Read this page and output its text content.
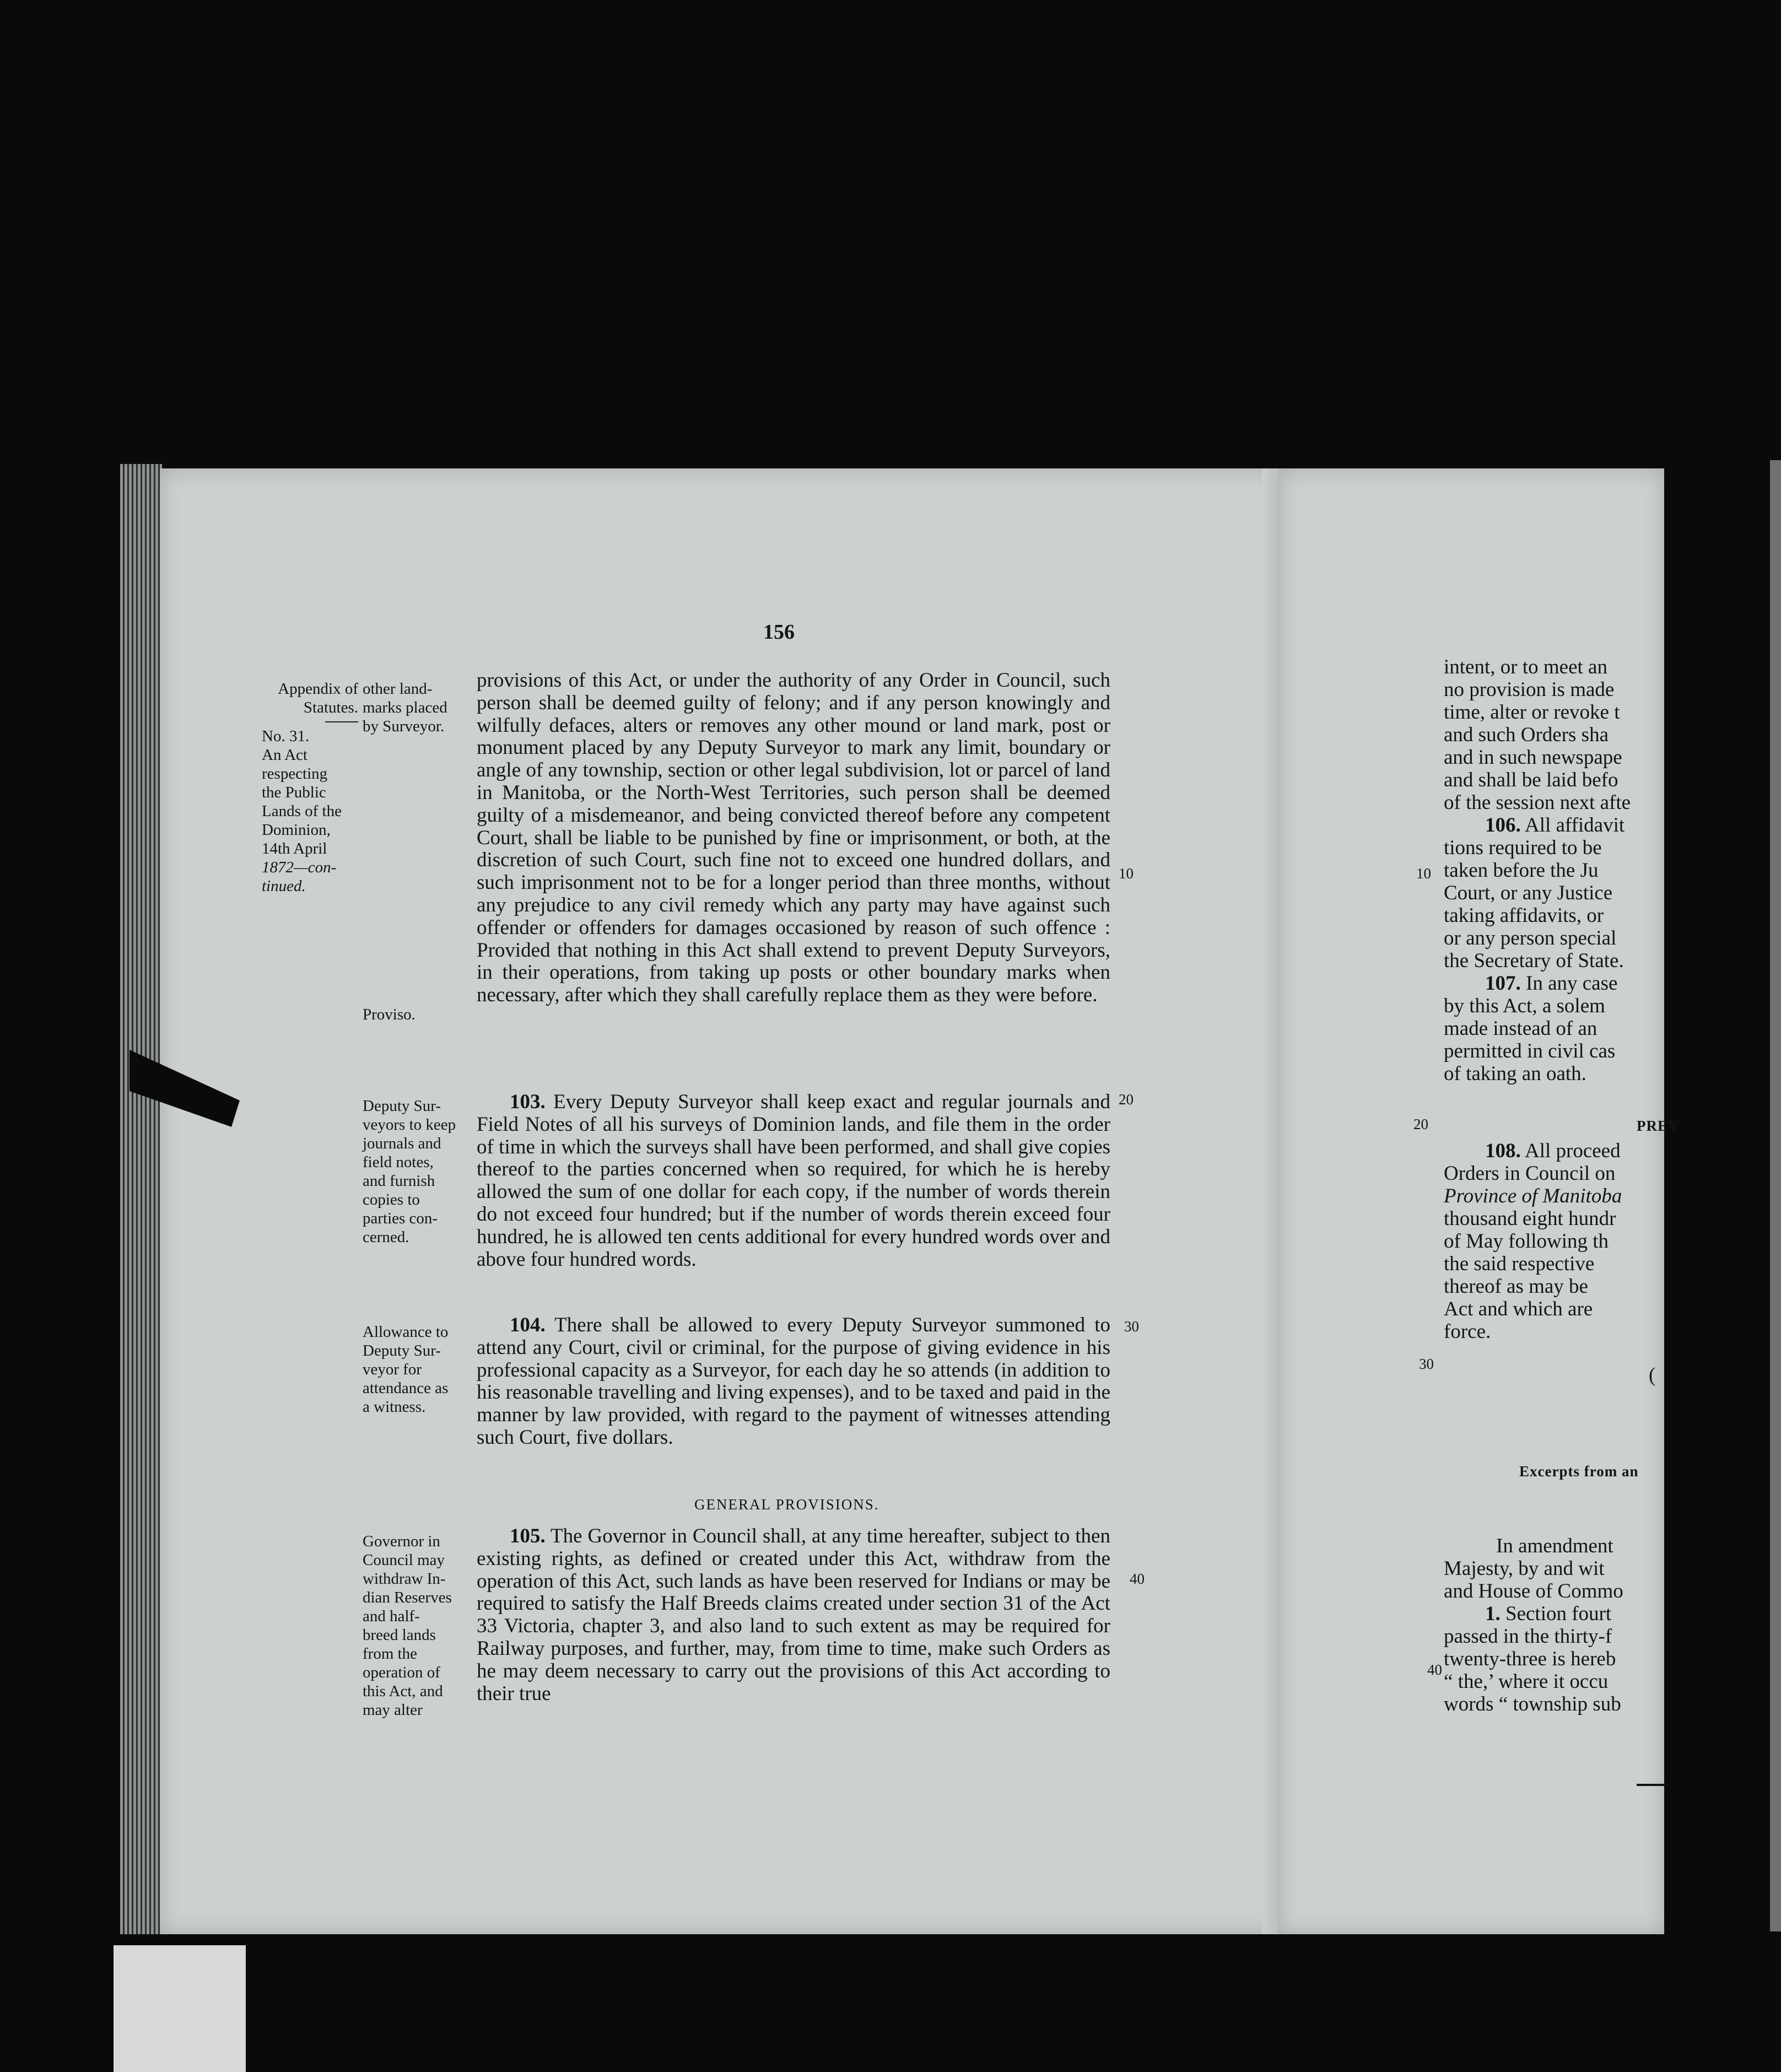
156
Appendix of
Statutes.
No. 31.
An Act
respecting
the Public
Lands of the
Dominion,
14th April
1872—con-
tinued.
other land-
marks placed
by Surveyor.
Proviso.
Deputy Sur-
veyors to keep
journals and
field notes,
and furnish
copies to
parties con-
cerned.
Allowance to
Deputy Sur-
veyor for
attendance as
a witness.
Governor in
Council may
withdraw In-
dian Reserves
and half-
breed lands
from the
operation of
this Act, and
may alter
provisions of this Act, or under the authority of any Order in Council, such person shall be deemed guilty of felony; and if any person knowingly and wilfully defaces, alters or removes any other mound or land mark, post or monument placed by any Deputy Surveyor to mark any limit, boundary or angle of any township, section or other legal subdivision, lot or parcel of land in Manitoba, or the North-West Territories, such person shall be deemed guilty of a misdemeanor, and being convicted thereof before any competent Court, shall be liable to be punished by fine or imprisonment, or both, at the discretion of such Court, such fine not to exceed one hundred dollars, and such imprisonment not to be for a longer period than three months, without any prejudice to any civil remedy which any party may have against such offender or offenders for damages occasioned by reason of such offence : Provided that nothing in this Act shall extend to prevent Deputy Surveyors, in their operations, from taking up posts or other boundary marks when necessary, after which they shall carefully replace them as they were before.
103. Every Deputy Surveyor shall keep exact and regular journals and Field Notes of all his surveys of Dominion lands, and file them in the order of time in which the surveys shall have been performed, and shall give copies thereof to the parties concerned when so required, for which he is hereby allowed the sum of one dollar for each copy, if the number of words therein do not exceed four hundred; but if the number of words therein exceed four hundred, he is allowed ten cents additional for every hundred words over and above four hundred words.
104. There shall be allowed to every Deputy Surveyor summoned to attend any Court, civil or criminal, for the purpose of giving evidence in his professional capacity as a Surveyor, for each day he so attends (in addition to his reasonable travelling and living expenses), and to be taxed and paid in the manner by law provided, with regard to the payment of witnesses attending such Court, five dollars.
GENERAL PROVISIONS.
105. The Governor in Council shall, at any time hereafter, subject to then existing rights, as defined or created under this Act, withdraw from the operation of this Act, such lands as have been reserved for Indians or may be required to satisfy the Half Breeds claims created under section 31 of the Act 33 Victoria, chapter 3, and also land to such extent as may be required for Railway purposes, and further, may, from time to time, make such Orders as he may deem necessary to carry out the provisions of this Act according to their true
10
20
30
40
intent, or to meet an
no provision is made
time, alter or revoke t
and such Orders sha
and in such newspape
and shall be laid befo
of the session next afte
106. All affidavit
tions required to be
taken before the Ju
Court, or any Justice
taking affidavits, or
or any person special
the Secretary of State.
107. In any case
by this Act, a solem
made instead of an
permitted in civil cas
of taking an oath.
PREV
108. All proceed
Orders in Council on
Province of Manitoba
thousand eight hundr
of May following th
the said respective
thereof as may be
Act and which are
force.
(
Excerpts from an
In amendment
Majesty, by and wit
and House of Commo
1. Section fourt
passed in the thirty-f
twenty-three is hereb
“ the,’ where it occu
words “ township sub
10
20
30
40
